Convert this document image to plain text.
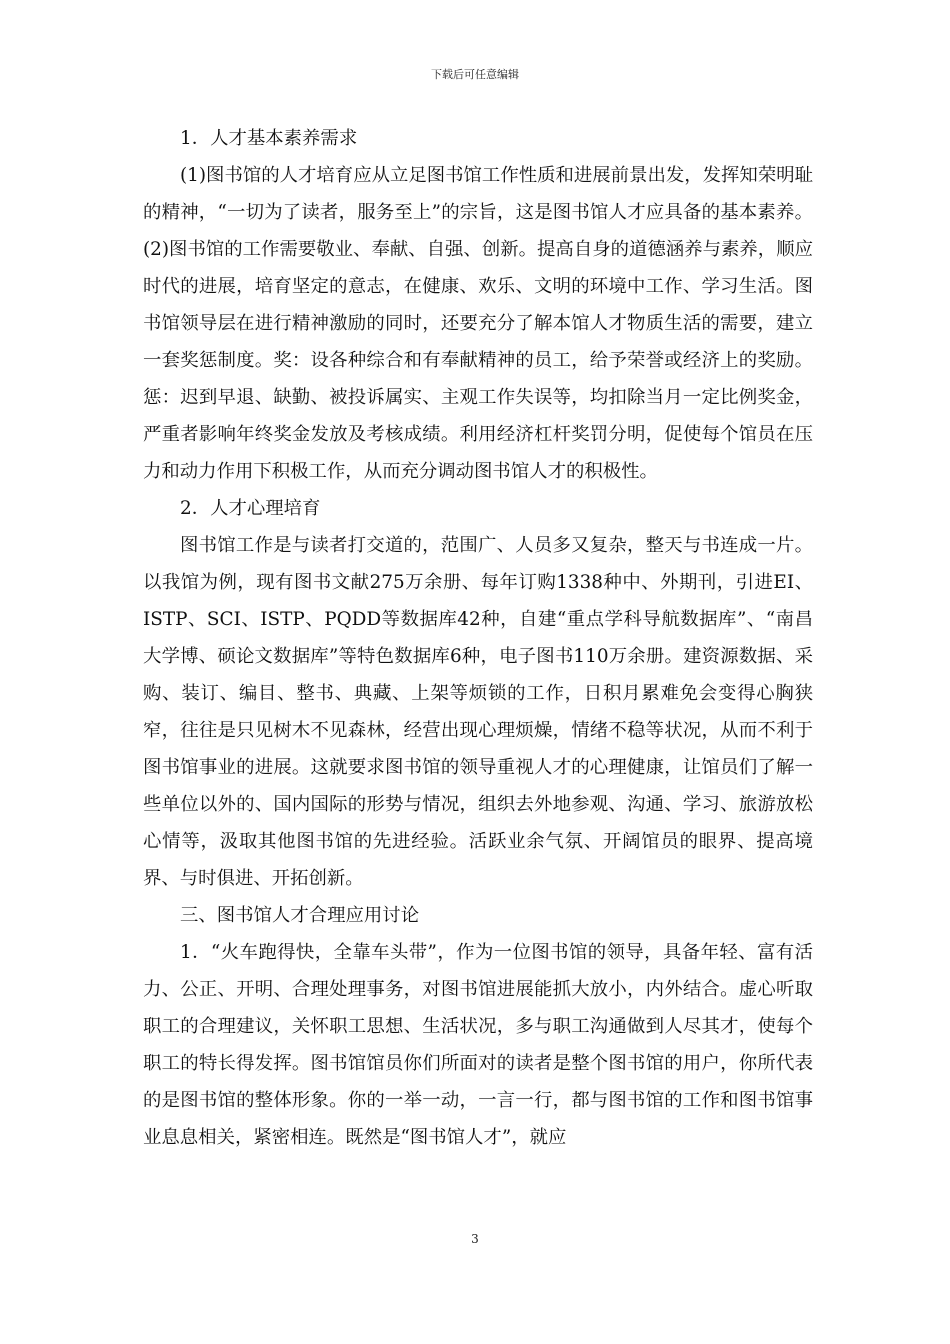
下载后可任意编辑

1．人才基本素养需求

(1)图书馆的人才培育应从立足图书馆工作性质和进展前景出发，发挥知荣明耻的精神，“一切为了读者，服务至上”的宗旨，这是图书馆人才应具备的基本素养。(2)图书馆的工作需要敬业、奉献、自强、创新。提高自身的道德涵养与素养，顺应时代的进展，培育坚定的意志，在健康、欢乐、文明的环境中工作、学习生活。图书馆领导层在进行精神激励的同时，还要充分了解本馆人才物质生活的需要，建立一套奖惩制度。奖：设各种综合和有奉献精神的员工，给予荣誉或经济上的奖励。惩：迟到早退、缺勤、被投诉属实、主观工作失误等，均扣除当月一定比例奖金，严重者影响年终奖金发放及考核成绩。利用经济杠杆奖罚分明，促使每个馆员在压力和动力作用下积极工作，从而充分调动图书馆人才的积极性。

2．人才心理培育

图书馆工作是与读者打交道的，范围广、人员多又复杂，整天与书连成一片。以我馆为例，现有图书文献275万余册、每年订购1338种中、外期刊，引进EI、ISTP、SCI、ISTP、PQDD等数据库42种，自建“重点学科导航数据库”、“南昌大学博、硕论文数据库”等特色数据库6种，电子图书110万余册。建资源数据、采购、装订、编目、整书、典藏、上架等烦锁的工作，日积月累难免会变得心胸狭窄，往往是只见树木不见森林，经营出现心理烦燥，情绪不稳等状况，从而不利于图书馆事业的进展。这就要求图书馆的领导重视人才的心理健康，让馆员们了解一些单位以外的、国内国际的形势与情况，组织去外地参观、沟通、学习、旅游放松心情等，汲取其他图书馆的先进经验。活跃业余气氛、开阔馆员的眼界、提高境界、与时俱进、开拓创新。

三、图书馆人才合理应用讨论

1．“火车跑得快，全靠车头带”，作为一位图书馆的领导，具备年轻、富有活力、公正、开明、合理处理事务，对图书馆进展能抓大放小，内外结合。虚心听取职工的合理建议，关怀职工思想、生活状况，多与职工沟通做到人尽其才，使每个职工的特长得发挥。图书馆馆员你们所面对的读者是整个图书馆的用户，你所代表的是图书馆的整体形象。你的一举一动，一言一行，都与图书馆的工作和图书馆事业息息相关，紧密相连。既然是“图书馆人才”，就应

3
